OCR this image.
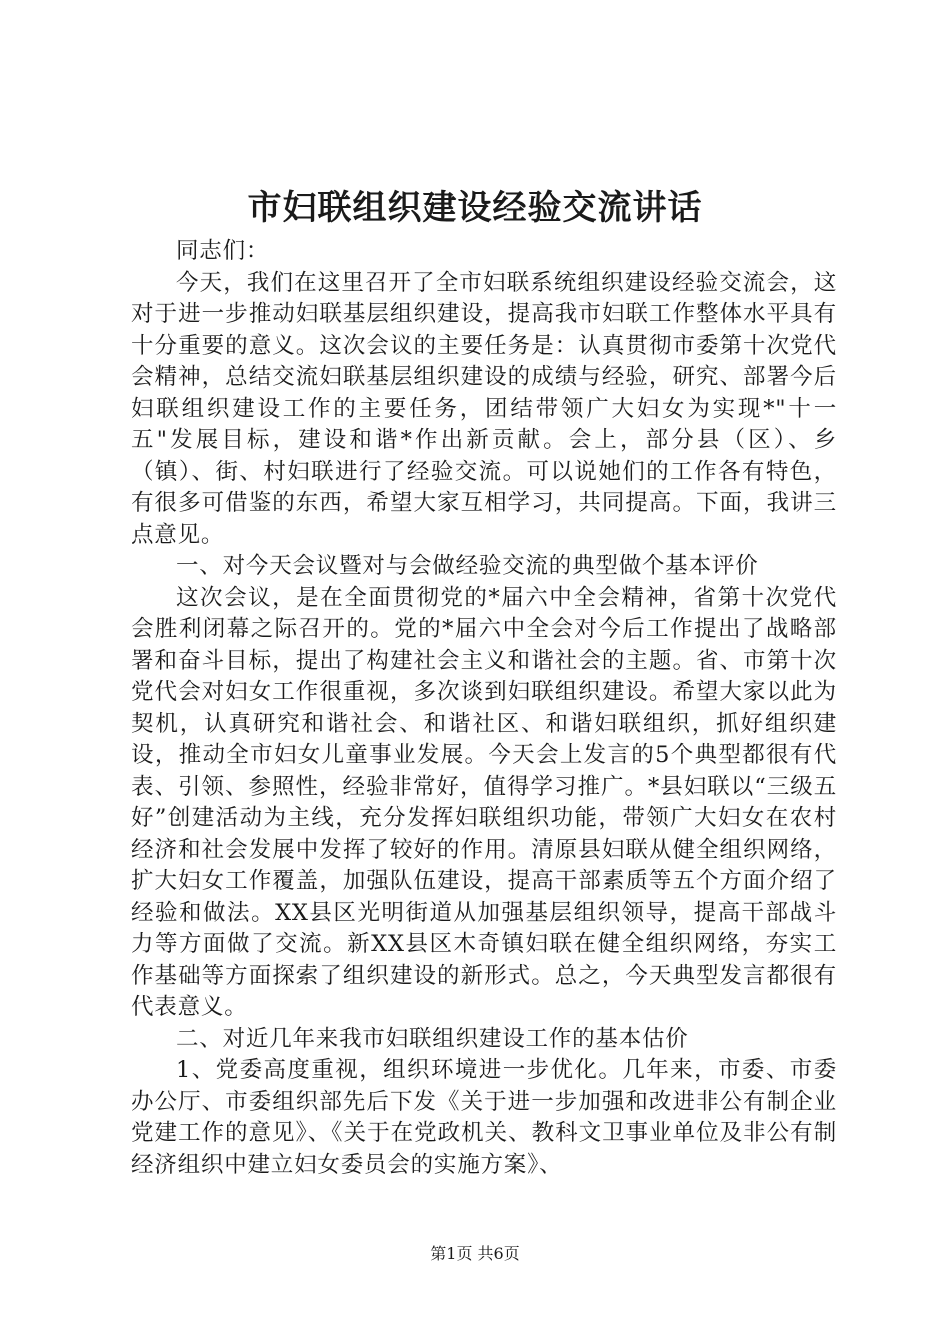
市妇联组织建设经验交流讲话

同志们：

今天，我们在这里召开了全市妇联系统组织建设经验交流会，这对于进一步推动妇联基层组织建设，提高我市妇联工作整体水平具有十分重要的意义。这次会议的主要任务是：认真贯彻市委第十次党代会精神，总结交流妇联基层组织建设的成绩与经验，研究、部署今后妇联组织建设工作的主要任务，团结带领广大妇女为实现*"十一五"发展目标，建设和谐*作出新贡献。会上，部分县（区）、乡（镇）、街、村妇联进行了经验交流。可以说她们的工作各有特色，有很多可借鉴的东西，希望大家互相学习，共同提高。下面，我讲三点意见。

一、对今天会议暨对与会做经验交流的典型做个基本评价

这次会议，是在全面贯彻党的*届六中全会精神，省第十次党代会胜利闭幕之际召开的。党的*届六中全会对今后工作提出了战略部署和奋斗目标，提出了构建社会主义和谐社会的主题。省、市第十次党代会对妇女工作很重视，多次谈到妇联组织建设。希望大家以此为契机，认真研究和谐社会、和谐社区、和谐妇联组织，抓好组织建设，推动全市妇女儿童事业发展。今天会上发言的5个典型都很有代表、引领、参照性，经验非常好，值得学习推广。*县妇联以“三级五好”创建活动为主线，充分发挥妇联组织功能，带领广大妇女在农村经济和社会发展中发挥了较好的作用。清原县妇联从健全组织网络，扩大妇女工作覆盖，加强队伍建设，提高干部素质等五个方面介绍了经验和做法。XX县区光明街道从加强基层组织领导，提高干部战斗力等方面做了交流。新XX县区木奇镇妇联在健全组织网络，夯实工作基础等方面探索了组织建设的新形式。总之，今天典型发言都很有代表意义。

二、对近几年来我市妇联组织建设工作的基本估价

1、党委高度重视，组织环境进一步优化。几年来，市委、市委办公厅、市委组织部先后下发《关于进一步加强和改进非公有制企业党建工作的意见》、《关于在党政机关、教科文卫事业单位及非公有制经济组织中建立妇女委员会的实施方案》、

第1页 共6页
